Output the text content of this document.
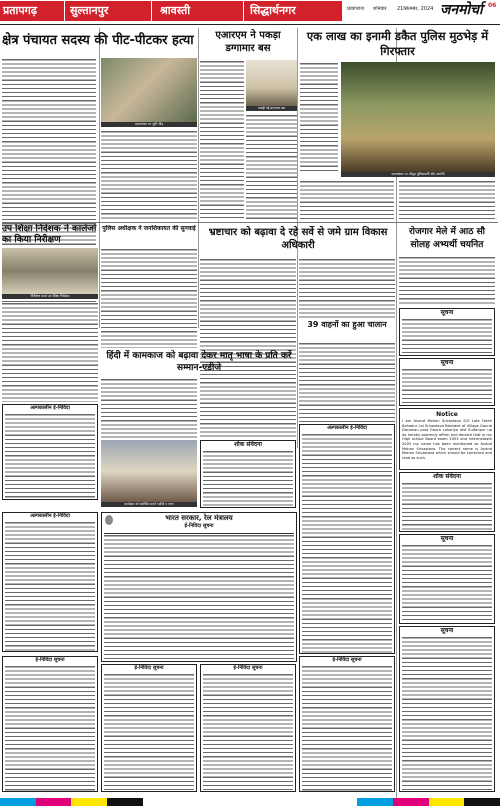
प्रतापगढ़	सुल्तानपुर	श्रावस्ती	सिद्धार्थनगर	प्रयागराज	शनिवार	21सितम्बर, 2024 जनमोर्चा 06
क्षेत्र पंचायत सदस्य की पीट-पीटकर हत्या
घटनास्थल पर जुटी भीड़
एआरएम ने पकड़ा डग्गामार बस
पकड़ी गई डग्गामार बस
एक लाख का इनामी डकैत पुलिस मुठभेड़ में गिरफ्तार
घटनास्थल पर मौजूद पुलिसकर्मी और आरोपी
उप शिक्षा निदेशक ने कालेजों का किया निरीक्षण
निरीक्षण करते उप शिक्षा निदेशक
पुलिस अधीक्षक ने जनशिकायत की सुनवाई	भ्रष्टाचार को बढ़ावा दे रहे सर्वे से जमे ग्राम विकास अधिकारी
39 वाहनों का हुआ चालान
रोजगार मेले में आठ सौ सोलह अभ्यर्थी चयनित
सूचना
सूचना
Notice
I am Anand Mohan Srivastava S/O Late Fateh Bahadur Lal Srivastava Resident of Village Gauria Daramau post Gaura Lohariya dist Sultanpur up do hereby solemnly affirm and declare that in my High school Board exam 2003 and intermediate 2005 my name has been mentioned as Anand Mohan Srivastava. The correct name is Anand Mohan Srivastava which should be corrected and read as such.
शोक संवेदना
सूचना
हिंदी में कामकाज को बढ़ावा देकर मातृ भाषा के प्रति करें सम्मान-एडीजे
कार्यक्रम को संबोधित करते एडीजे व अन्य
शोक संवेदना
अल्पकालीन ई-निविदा
अल्पकालीन ई-निविदा	भारत सरकार, रेल मंत्रालय
ई-निविदा सूचना
अल्पकालीन ई-निविदा
ई-निविदा सूचना
ई-निविदा सूचना	ई-निविदा सूचना
ई-निविदा सूचना
सूचना
